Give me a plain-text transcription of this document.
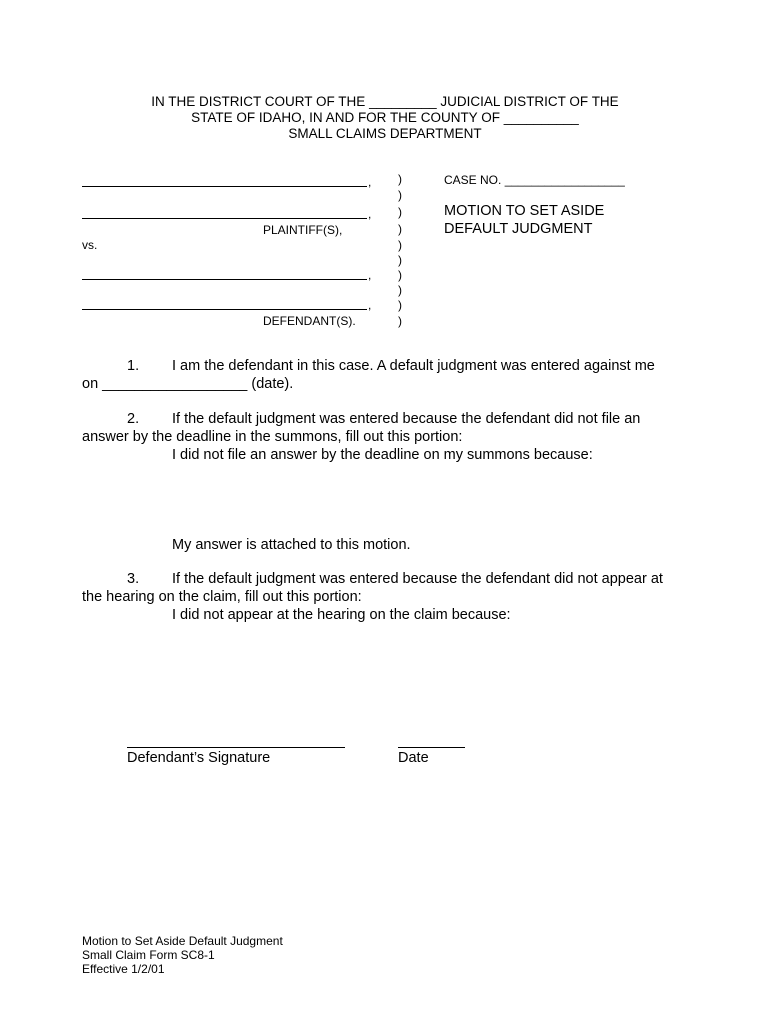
IN THE DISTRICT COURT OF THE _________ JUDICIAL DISTRICT OF THE
STATE OF IDAHO, IN AND FOR THE COUNTY OF __________
SMALL CLAIMS DEPARTMENT
,
,
PLAINTIFF(S),
vs.
,
,
DEFENDANT(S).
)
)
)
)
)
)
)
)
)
)
CASE NO. __________________
MOTION TO SET ASIDE
DEFAULT JUDGMENT
1. I am the defendant in this case. A default judgment was entered against me
on __________________ (date).
2. If the default judgment was entered because the defendant did not file an
answer by the deadline in the summons, fill out this portion:
I did not file an answer by the deadline on my summons because:
My answer is attached to this motion.
3. If the default judgment was entered because the defendant did not appear at
the hearing on the claim, fill out this portion:
I did not appear at the hearing on the claim because:
Defendant’s Signature	Date
Motion to Set Aside Default Judgment
Small Claim Form SC8-1
Effective 1/2/01
